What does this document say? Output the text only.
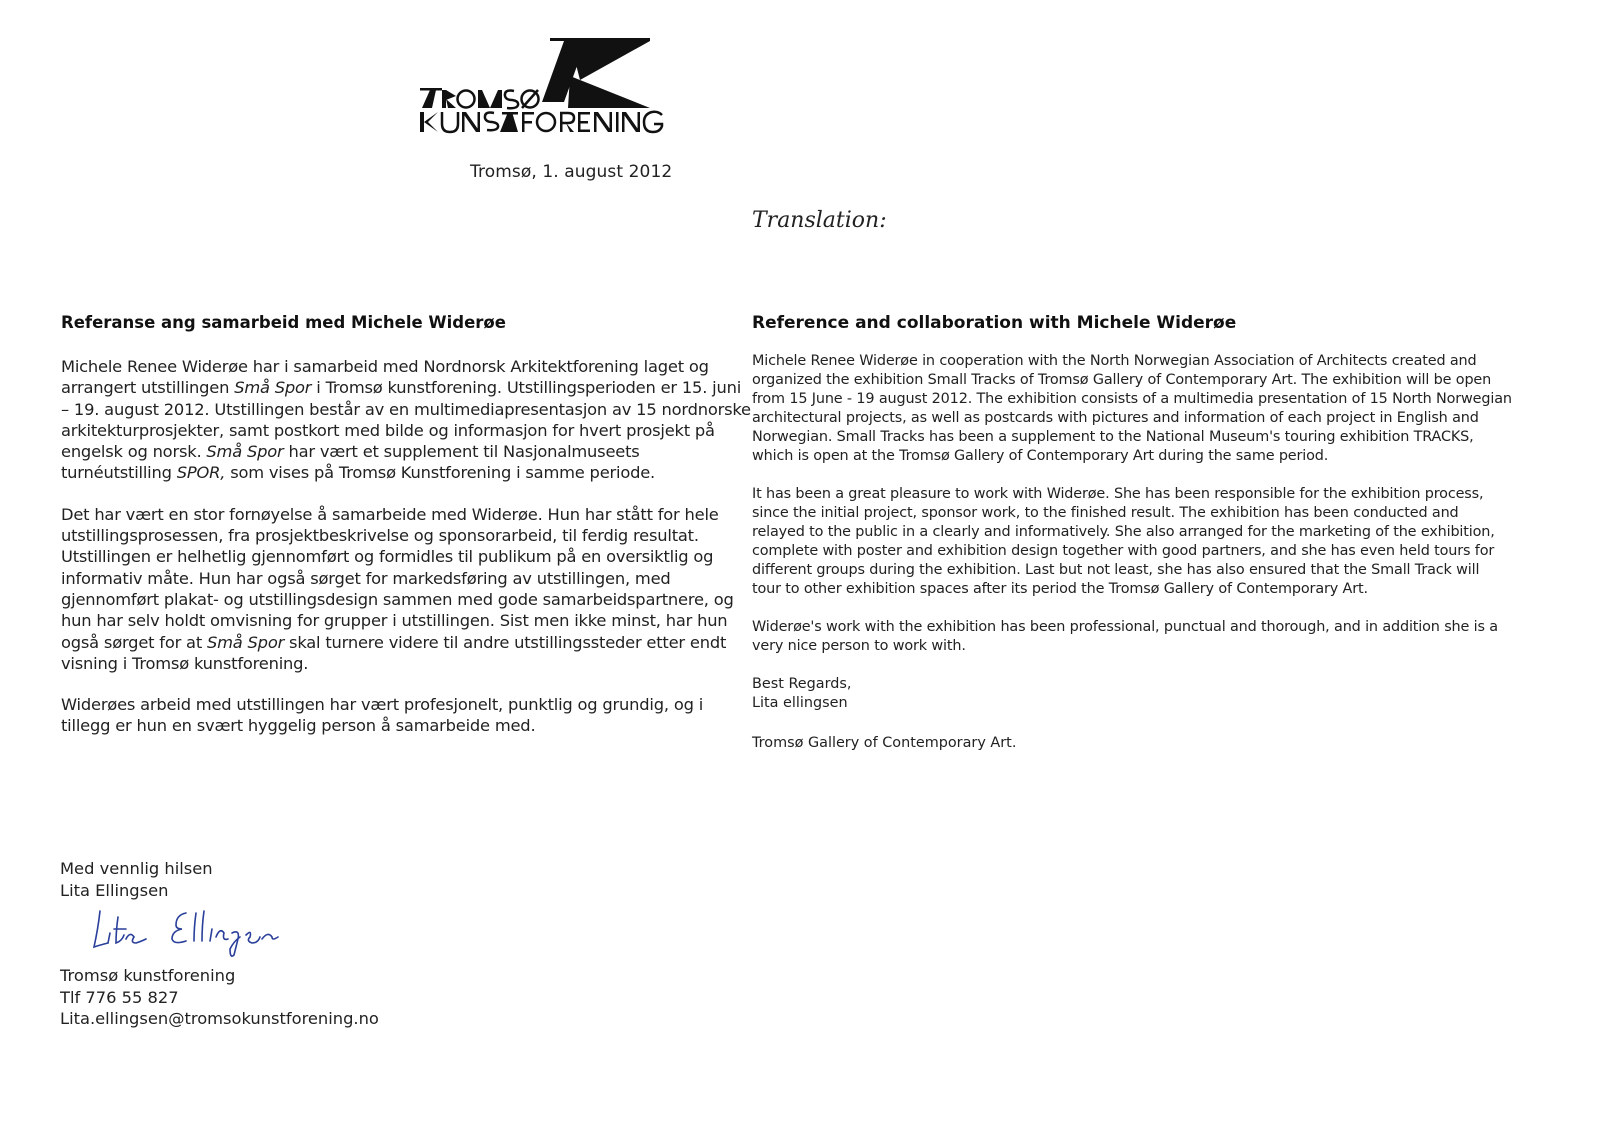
Tromsø, 1. august 2012
Translation:
Referanse ang samarbeid med Michele Widerøe

Michele Renee Widerøe har i samarbeid med Nordnorsk Arkitektforening laget og arrangert utstillingen Små Spor i Tromsø kunstforening. Utstillingsperioden er 15. juni – 19. august 2012. Utstillingen består av en multimediapresentasjon av 15 nordnorske arkitekturprosjekter, samt postkort med bilde og informasjon for hvert prosjekt på engelsk og norsk. Små Spor har vært et supplement til Nasjonalmuseets turnéutstilling SPOR, som vises på Tromsø Kunstforening i samme periode.

Det har vært en stor fornøyelse å samarbeide med Widerøe. Hun har stått for hele utstillingsprosessen, fra prosjektbeskrivelse og sponsorarbeid, til ferdig resultat. Utstillingen er helhetlig gjennomført og formidles til publikum på en oversiktlig og informativ måte. Hun har også sørget for markedsføring av utstillingen, med gjennomført plakat- og utstillingsdesign sammen med gode samarbeidspartnere, og hun har selv holdt omvisning for grupper i utstillingen. Sist men ikke minst, har hun også sørget for at Små Spor skal turnere videre til andre utstillingssteder etter endt visning i Tromsø kunstforening.

Widerøes arbeid med utstillingen har vært profesjonelt, punktlig og grundig, og i tillegg er hun en svært hyggelig person å samarbeide med.

Med vennlig hilsen
Lita Ellingsen
Tromsø kunstforening
Tlf 776 55 827
Lita.ellingsen@tromsokunstforening.no
Reference and collaboration with Michele Widerøe

Michele Renee Widerøe in cooperation with the North Norwegian Association of Architects created and organized the exhibition Small Tracks of Tromsø Gallery of Contemporary Art. The exhibition will be open from 15 June - 19 august 2012. The exhibition consists of a multimedia presentation of 15 North Norwegian architectural projects, as well as postcards with pictures and information of each project in English and Norwegian. Small Tracks has been a supplement to the National Museum's touring exhibition TRACKS, which is open at the Tromsø Gallery of Contemporary Art during the same period.

It has been a great pleasure to work with Widerøe. She has been responsible for the exhibition process, since the initial project, sponsor work, to the finished result. The exhibition has been conducted and relayed to the public in a clearly and informatively. She also arranged for the marketing of the exhibition, complete with poster and exhibition design together with good partners, and she has even held tours for different groups during the exhibition. Last but not least, she has also ensured that the Small Track will tour to other exhibition spaces after its period the Tromsø Gallery of Contemporary Art.

Widerøe's work with the exhibition has been professional, punctual and thorough, and in addition she is a very nice person to work with.

Best Regards,
Lita ellingsen
Tromsø Gallery of Contemporary Art.
